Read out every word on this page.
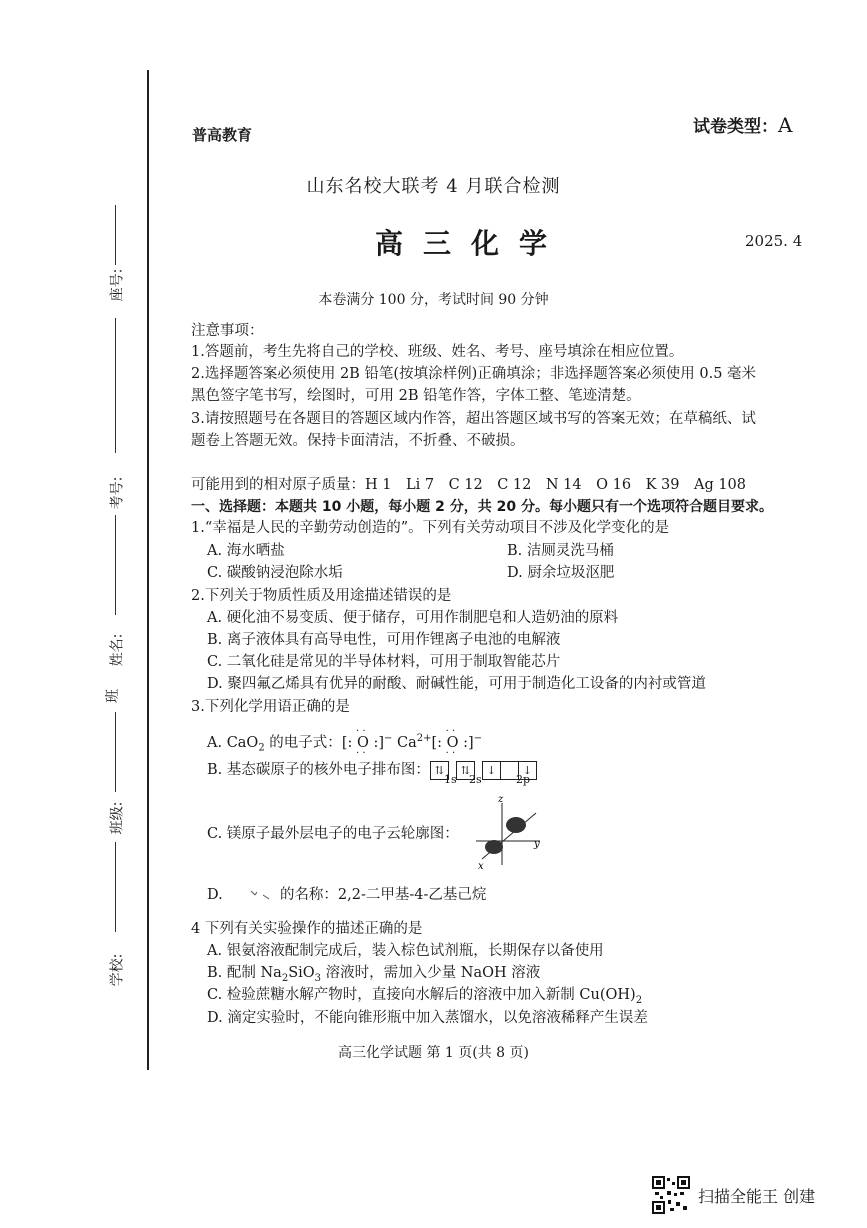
座号:
考号:
姓名:
班
班级:
学校:
普高教育	试卷类型：A
山东名校大联考 4 月联合检测
高三化学	2025. 4
本卷满分 100 分，考试时间 90 分钟
注意事项：
1.答题前，考生先将自己的学校、班级、姓名、考号、座号填涂在相应位置。
2.选择题答案必须使用 2B 铅笔(按填涂样例)正确填涂；非选择题答案必须使用 0.5 毫米
黑色签字笔书写，绘图时，可用 2B 铅笔作答，字体工整、笔迹清楚。
3.请按照题号在各题目的答题区域内作答，超出答题区域书写的答案无效；在草稿纸、试
题卷上答题无效。保持卡面清洁，不折叠、不破损。
可能用到的相对原子质量：H 1　Li 7　C 12　C 12　N 14　O 16　K 39　Ag 108
一、选择题：本题共 10 小题，每小题 2 分，共 20 分。每小题只有一个选项符合题目要求。
1.“幸福是人民的辛勤劳动创造的”。下列有关劳动项目不涉及化学变化的是
A. 海水晒盐	B. 洁厕灵洗马桶
C. 碳酸钠浸泡除水垢	D. 厨余垃圾沤肥
2.下列关于物质性质及用途描述错误的是
A. 硬化油不易变质、便于储存，可用作制肥皂和人造奶油的原料
B. 离子液体具有高导电性，可用作锂离子电池的电解液
C. 二氧化硅是常见的半导体材料，可用于制取智能芯片
D. 聚四氟乙烯具有优异的耐酸、耐碱性能，可用于制造化工设备的内衬或管道
3.下列化学用语正确的是
A. CaO$_2$ 的电子式：[: · · O · · :]− $Ca^{2+}$[: · · O · · :]−
B. 基态碳原子的核外电子排布图： ⇅ ⇅ ↓ ↓
1s 2s	2p
C. 镁原子最外层电子的电子云轮廓图：
z
y
x
D.	的名称：2,2-二甲基-4-乙基己烷
4 下列有关实验操作的描述正确的是
A. 银氨溶液配制完成后，装入棕色试剂瓶，长期保存以备使用
B. 配制 $Na_2SiO_3$ 溶液时，需加入少量 NaOH 溶液
C. 检验蔗糖水解产物时，直接向水解后的溶液中加入新制 $Cu(OH)_2$
D. 滴定实验时，不能向锥形瓶中加入蒸馏水，以免溶液稀释产生误差
高三化学试题 第 1 页(共 8 页)
扫描全能王 创建
